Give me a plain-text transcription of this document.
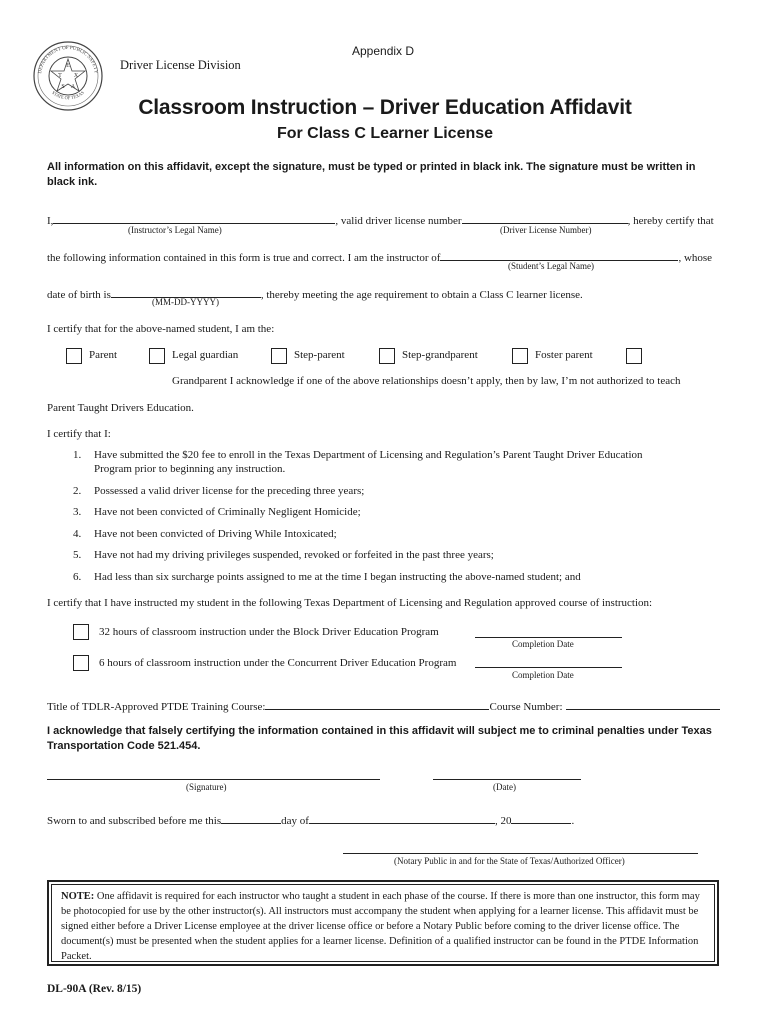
E
T X
S A
DEPARTMENT OF PUBLIC SAFETY
STATE OF TEXAS
Appendix D
Driver License Division
Classroom Instruction – Driver Education Affidavit
For Class C Learner License
All information on this affidavit, except the signature, must be typed or printed in black ink. The signature must be written in black ink.
I,	, valid driver license number	, hereby certify that
(Instructor’s Legal Name)	(Driver License Number)
the following information contained in this form is true and correct. I am the instructor of	, whose
(Student’s Legal Name)
date of birth is	, thereby meeting the age requirement to obtain a Class C learner license.
(MM-DD-YYYY)
I certify that for the above-named student, I am the:
Parent	Legal guardian	Step-parent	Step-grandparent	Foster parent
Grandparent I acknowledge if one of the above relationships doesn’t apply, then by law, I’m not authorized to teach
Parent Taught Drivers Education.
I certify that I:
1. Have submitted the $20 fee to enroll in the Texas Department of Licensing and Regulation’s Parent Taught Driver Education
Program prior to beginning any instruction.
2. Possessed a valid driver license for the preceding three years;
3. Have not been convicted of Criminally Negligent Homicide;
4. Have not been convicted of Driving While Intoxicated;
5. Have not had my driving privileges suspended, revoked or forfeited in the past three years;
6. Had less than six surcharge points assigned to me at the time I began instructing the above-named student; and
I certify that I have instructed my student in the following Texas Department of Licensing and Regulation approved course of instruction:
32 hours of classroom instruction under the Block Driver Education Program
Completion Date
6 hours of classroom instruction under the Concurrent Driver Education Program
Completion Date
Title of TDLR-Approved PTDE Training Course:	Course Number:
I acknowledge that falsely certifying the information contained in this affidavit will subject me to criminal penalties under Texas Transportation Code 521.454.
(Signature)	(Date)
Sworn to and subscribed before me this	day of	, 20	.
(Notary Public in and for the State of Texas/Authorized Officer)
NOTE: One affidavit is required for each instructor who taught a student in each phase of the course. If there is more than one instructor, this form may be photocopied for use by the other instructor(s). All instructors must accompany the student when applying for a learner license. This affidavit must be signed either before a Driver License employee at the driver license office or before a Notary Public before coming to the driver license office. The document(s) must be presented when the student applies for a learner license. Definition of a qualified instructor can be found in the PTDE Information Packet.
DL-90A (Rev. 8/15)
